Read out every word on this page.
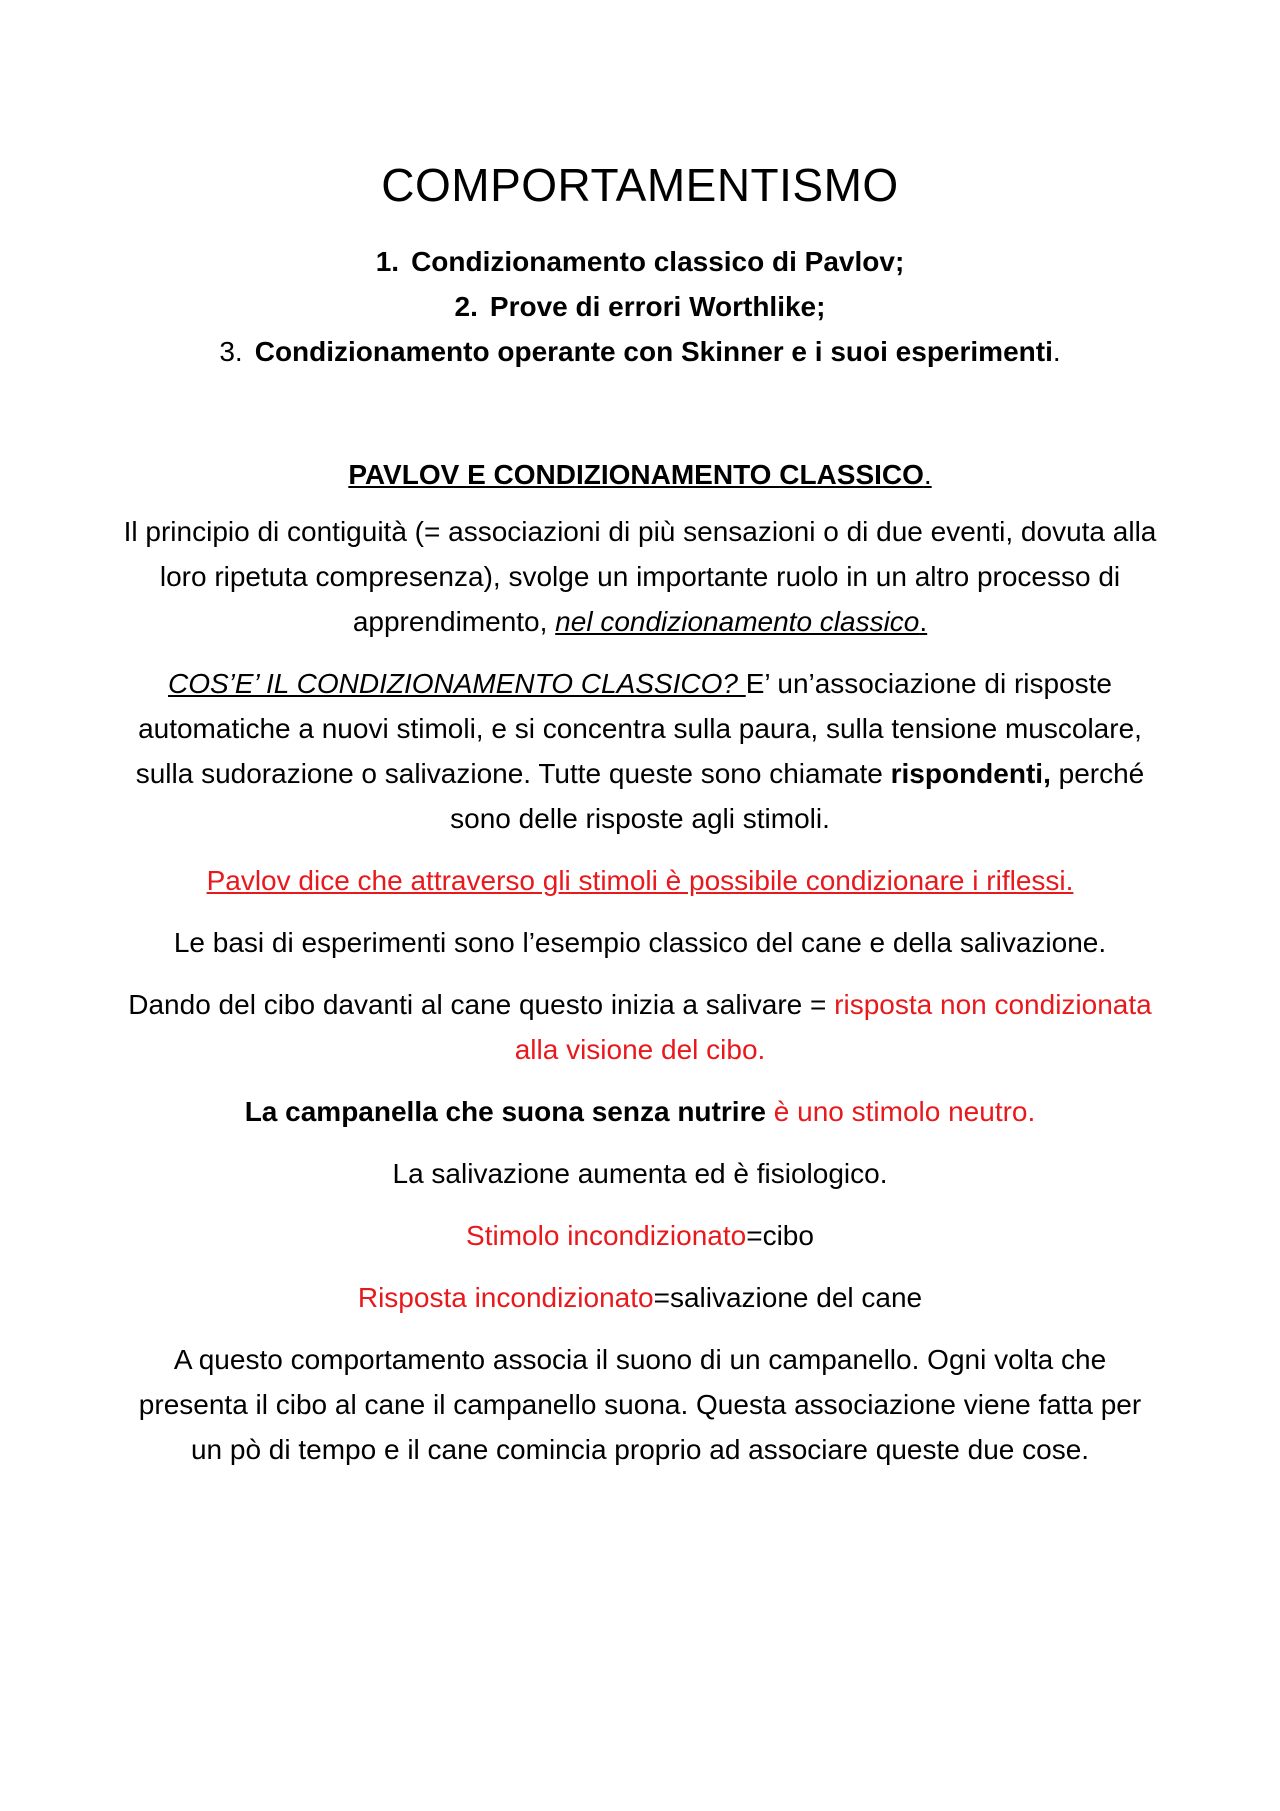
COMPORTAMENTISMO
1. Condizionamento classico di Pavlov;
2. Prove di errori Worthlike;
3. Condizionamento operante con Skinner e i suoi esperimenti.
PAVLOV E CONDIZIONAMENTO CLASSICO.

Il principio di contiguità (= associazioni di più sensazioni o di due eventi, dovuta alla loro ripetuta compresenza), svolge un importante ruolo in un altro processo di apprendimento, nel condizionamento classico.

COS’E’ IL CONDIZIONAMENTO CLASSICO? E’ un’associazione di risposte automatiche a nuovi stimoli, e si concentra sulla paura, sulla tensione muscolare, sulla sudorazione o salivazione. Tutte queste sono chiamate rispondenti, perché sono delle risposte agli stimoli.

Pavlov dice che attraverso gli stimoli è possibile condizionare i riflessi.

Le basi di esperimenti sono l’esempio classico del cane e della salivazione.

Dando del cibo davanti al cane questo inizia a salivare = risposta non condizionata alla visione del cibo.

La campanella che suona senza nutrire è uno stimolo neutro.

La salivazione aumenta ed è fisiologico.

Stimolo incondizionato=cibo

Risposta incondizionato=salivazione del cane

A questo comportamento associa il suono di un campanello. Ogni volta che presenta il cibo al cane il campanello suona. Questa associazione viene fatta per un pò di tempo e il cane comincia proprio ad associare queste due cose.
